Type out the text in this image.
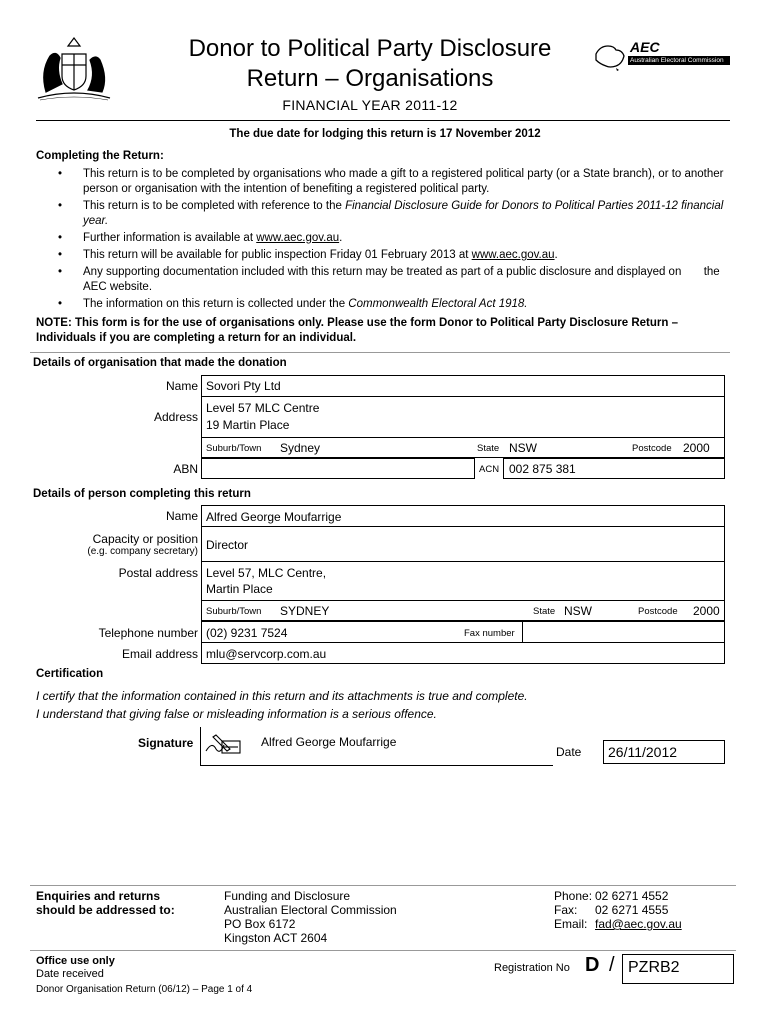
Donor to Political Party Disclosure
Return – Organisations
FINANCIAL YEAR 2011-12
AEC
Australian Electoral Commission
The due date for lodging this return is 17 November 2012
Completing the Return:
• This return is to be completed by organisations who made a gift to a registered political party (or a State branch), or to another person or organisation with the intention of benefiting a registered political party.
• This return is to be completed with reference to the Financial Disclosure Guide for Donors to Political Parties 2011-12 financial year.
• Further information is available at www.aec.gov.au.
• This return will be available for public inspection Friday 01 February 2013 at www.aec.gov.au.
• Any supporting documentation included with this return may be treated as part of a public disclosure and displayed on       the AEC website.
• The information on this return is collected under the Commonwealth Electoral Act 1918.
NOTE: This form is for the use of organisations only. Please use the form Donor to Political Party Disclosure Return – Individuals if you are completing a return for an individual.
Details of organisation that made the donation
Name Sovori Pty Ltd
Address
Level 57 MLC Centre
19 Martin Place
Suburb/Town Sydney	State NSW	Postcode 2000
ABN	ACN 002 875 381
Details of person completing this return
Name Alfred George Moufarrige
Capacity or position
(e.g. company secretary) Director
Postal address Level 57, MLC Centre,
Martin Place
Suburb/Town SYDNEY	State NSW	Postcode 2000
Telephone number (02) 9231 7524	Fax number
Email address mlu@servcorp.com.au
Certification
I certify that the information contained in this return and its attachments is true and complete.
I understand that giving false or misleading information is a serious offence.
Signature	Alfred George Moufarrige
Date 26/11/2012
Enquiries and returns
should be addressed to:
Funding and Disclosure
Australian Electoral Commission
PO Box 6172
Kingston ACT 2604
Phone: 02 6271 4552
Fax: 02 6271 4555
Email: fad@aec.gov.au
Office use only
Date received
Donor Organisation Return (06/12) – Page 1 of 4
Registration No D / PZRB2
